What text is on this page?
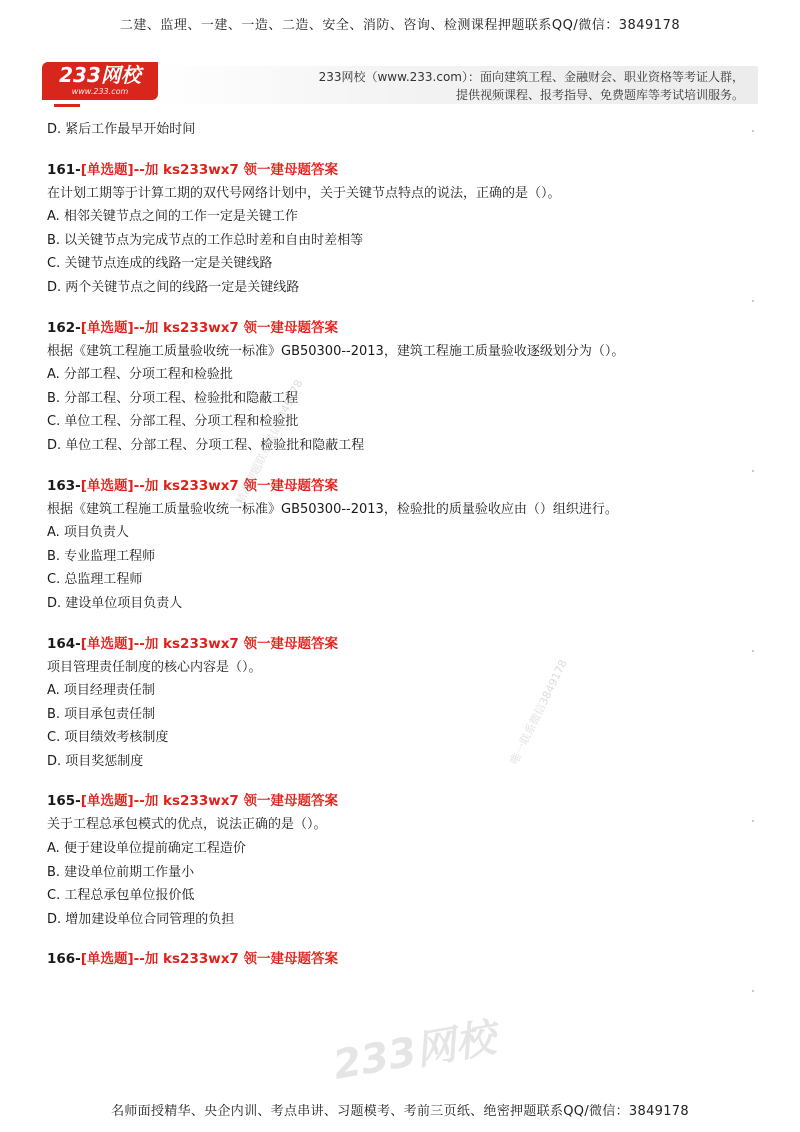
二建、监理、一建、一造、二造、安全、消防、咨询、检测课程押题联系QQ/微信：3849178
233网校
www.233.com
233网校（www.233.com）：面向建筑工程、金融财会、职业资格等考证人群，
提供视频课程、报考指导、免费题库等考试培训服务。
D. 紧后工作最早开始时间
161-[单选题]--加 ks233wx7 领一建母题答案
在计划工期等于计算工期的双代号网络计划中，关于关键节点特点的说法，正确的是（）。
A. 相邻关键节点之间的工作一定是关键工作
B. 以关键节点为完成节点的工作总时差和自由时差相等
C. 关键节点连成的线路一定是关键线路
D. 两个关键节点之间的线路一定是关键线路
162-[单选题]--加 ks233wx7 领一建母题答案
根据《建筑工程施工质量验收统一标准》GB50300--2013，建筑工程施工质量验收逐级划分为（）。
A. 分部工程、分项工程和检验批
B. 分部工程、分项工程、检验批和隐蔽工程
C. 单位工程、分部工程、分项工程和检验批
D. 单位工程、分部工程、分项工程、检验批和隐蔽工程
163-[单选题]--加 ks233wx7 领一建母题答案
根据《建筑工程施工质量验收统一标准》GB50300--2013，检验批的质量验收应由（）组织进行。
A. 项目负责人
B. 专业监理工程师
C. 总监理工程师
D. 建设单位项目负责人
164-[单选题]--加 ks233wx7 领一建母题答案
项目管理责任制度的核心内容是（）。
A. 项目经理责任制
B. 项目承包责任制
C. 项目绩效考核制度
D. 项目奖惩制度
165-[单选题]--加 ks233wx7 领一建母题答案
关于工程总承包模式的优点，说法正确的是（）。
A. 便于建设单位提前确定工程造价
B. 建设单位前期工作量小
C. 工程总承包单位报价低
D. 增加建设单位合同管理的负担
166-[单选题]--加 ks233wx7 领一建母题答案
精准押题联系微信3849178
唯一联系微信3849178
233网校
名师面授精华、央企内训、考点串讲、习题模考、考前三页纸、绝密押题联系QQ/微信：3849178
